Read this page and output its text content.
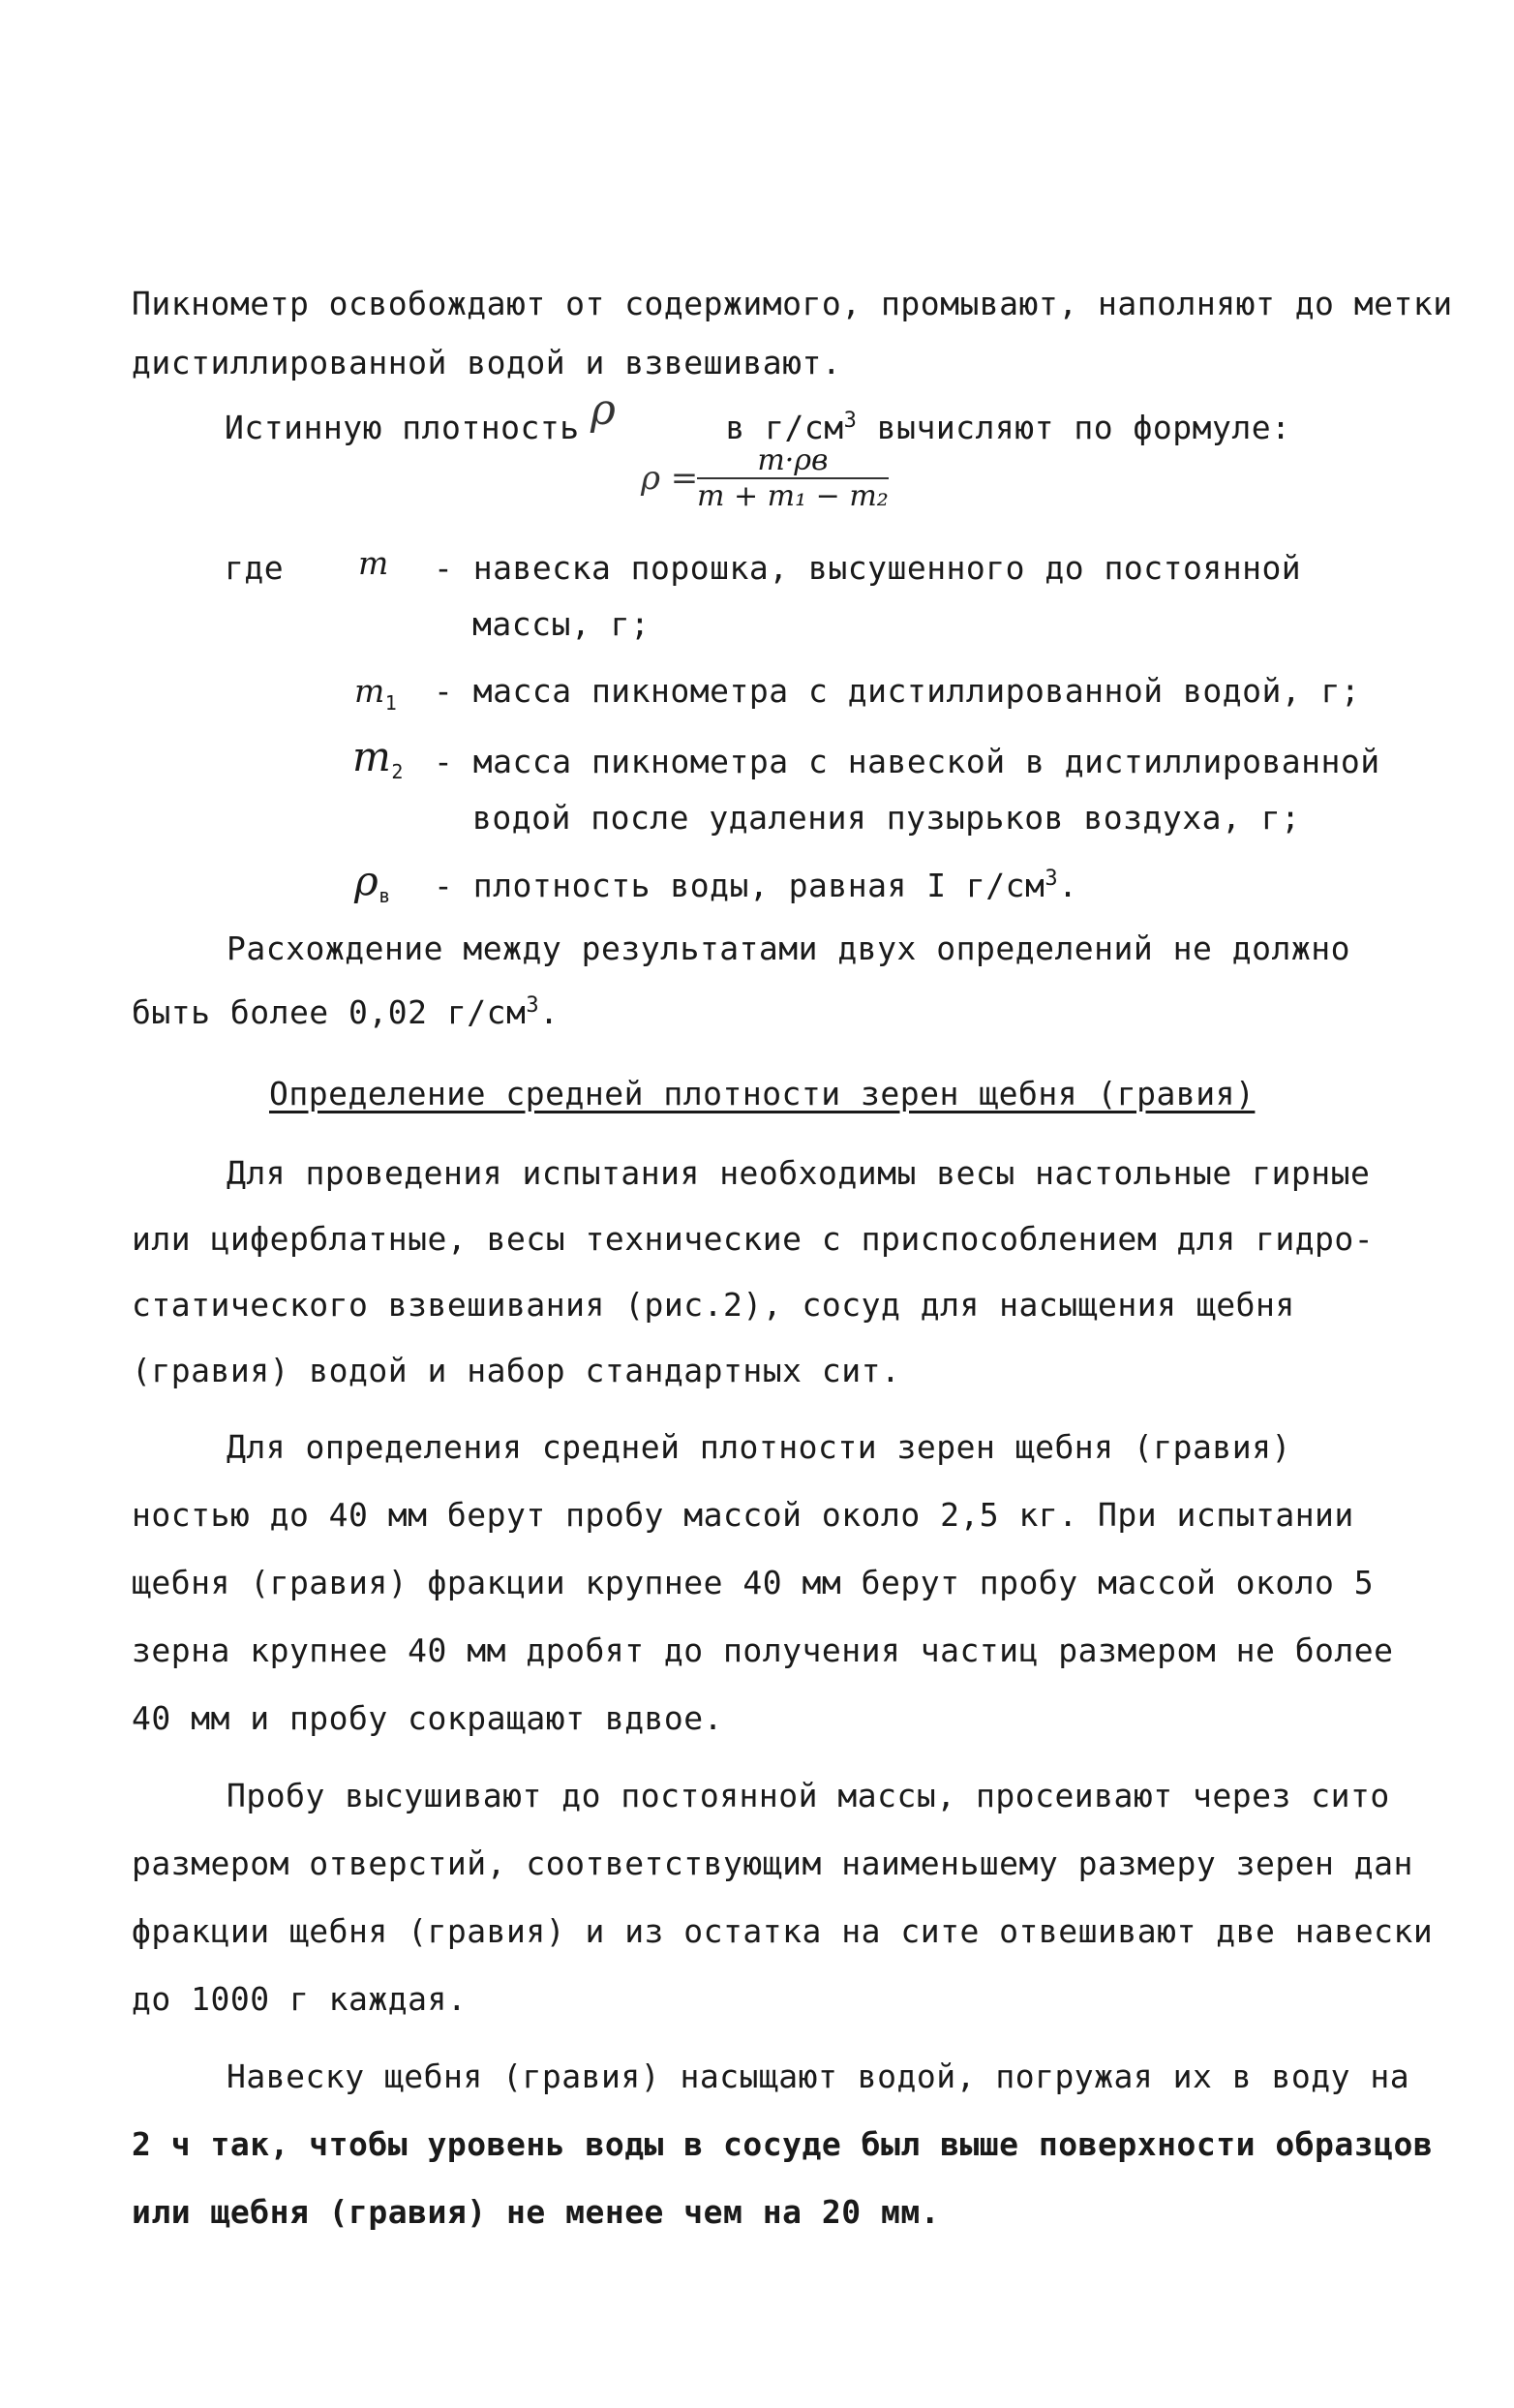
Пикнометр освобождают от содержимого, промывают, наполняют до метки
дистиллированной водой и взвешивают.
Истинную плотность	в $г/см^3$ вычисляют по формуле:
ρ
ρ =	m·ρв
m + m₁ − m₂
где m - навеска порошка, высушенного до постоянной
массы, г;
$m_1$ - масса пикнометра с дистиллированной водой, г;
$m_2$ - масса пикнометра с навеской в дистиллированной
водой после удаления пузырьков воздуха, г;
$\rho_в$ - плотность воды, равная I $г/см^3$.
Расхождение между результатами двух определений не должно
быть более 0,02 $г/см^3$.
Определение средней плотности зерен щебня (гравия)
Для проведения испытания необходимы весы настольные гирные
или циферблатные, весы технические с приспособлением для гидро-
статического взвешивания (рис.2), сосуд для насыщения щебня
(гравия) водой и набор стандартных сит.
Для определения средней плотности зерен щебня (гравия)
ностью до 40 мм берут пробу массой около 2,5 кг. При испытании
щебня (гравия) фракции крупнее 40 мм берут пробу массой около 5
зерна крупнее 40 мм дробят до получения частиц размером не более
40 мм и пробу сокращают вдвое.
Пробу высушивают до постоянной массы, просеивают через сито
размером отверстий, соответствующим наименьшему размеру зерен дан
фракции щебня (гравия) и из остатка на сите отвешивают две навески
до 1000 г каждая.
Навеску щебня (гравия) насыщают водой, погружая их в воду на
2 ч так, чтобы уровень воды в сосуде был выше поверхности образцов
или щебня (гравия) не менее чем на 20 мм.
